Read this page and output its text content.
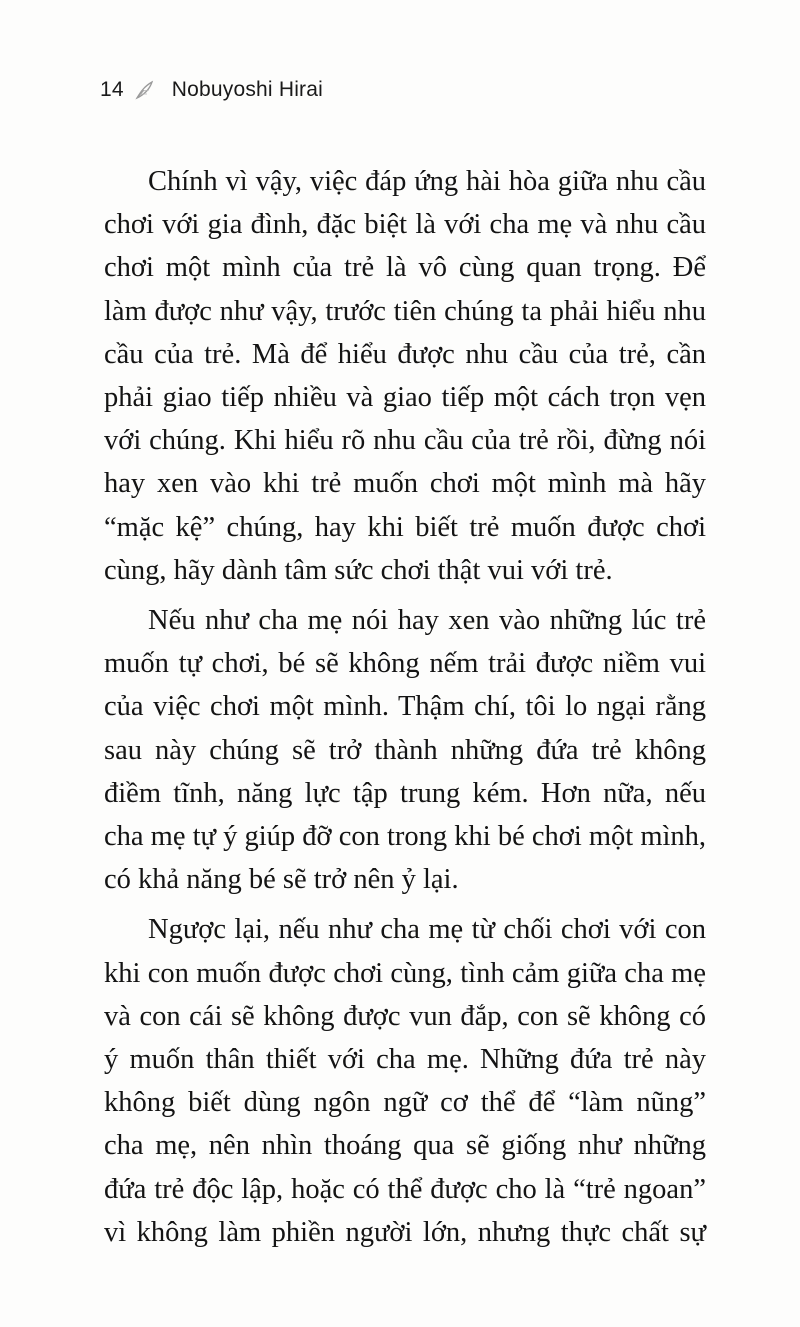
14 Nobuyoshi Hirai

Chính vì vậy, việc đáp ứng hài hòa giữa nhu cầu
chơi với gia đình, đặc biệt là với cha mẹ và nhu cầu
chơi một mình của trẻ là vô cùng quan trọng. Để
làm được như vậy, trước tiên chúng ta phải hiểu nhu
cầu của trẻ. Mà để hiểu được nhu cầu của trẻ, cần
phải giao tiếp nhiều và giao tiếp một cách trọn vẹn
với chúng. Khi hiểu rõ nhu cầu của trẻ rồi, đừng nói
hay xen vào khi trẻ muốn chơi một mình mà hãy
“mặc kệ” chúng, hay khi biết trẻ muốn được chơi
cùng, hãy dành tâm sức chơi thật vui với trẻ.

Nếu như cha mẹ nói hay xen vào những lúc trẻ
muốn tự chơi, bé sẽ không nếm trải được niềm vui
của việc chơi một mình. Thậm chí, tôi lo ngại rằng
sau này chúng sẽ trở thành những đứa trẻ không
điềm tĩnh, năng lực tập trung kém. Hơn nữa, nếu
cha mẹ tự ý giúp đỡ con trong khi bé chơi một mình,
có khả năng bé sẽ trở nên ỷ lại.

Ngược lại, nếu như cha mẹ từ chối chơi với con
khi con muốn được chơi cùng, tình cảm giữa cha mẹ
và con cái sẽ không được vun đắp, con sẽ không có
ý muốn thân thiết với cha mẹ. Những đứa trẻ này
không biết dùng ngôn ngữ cơ thể để “làm nũng”
cha mẹ, nên nhìn thoáng qua sẽ giống như những
đứa trẻ độc lập, hoặc có thể được cho là “trẻ ngoan”
vì không làm phiền người lớn, nhưng thực chất sự
